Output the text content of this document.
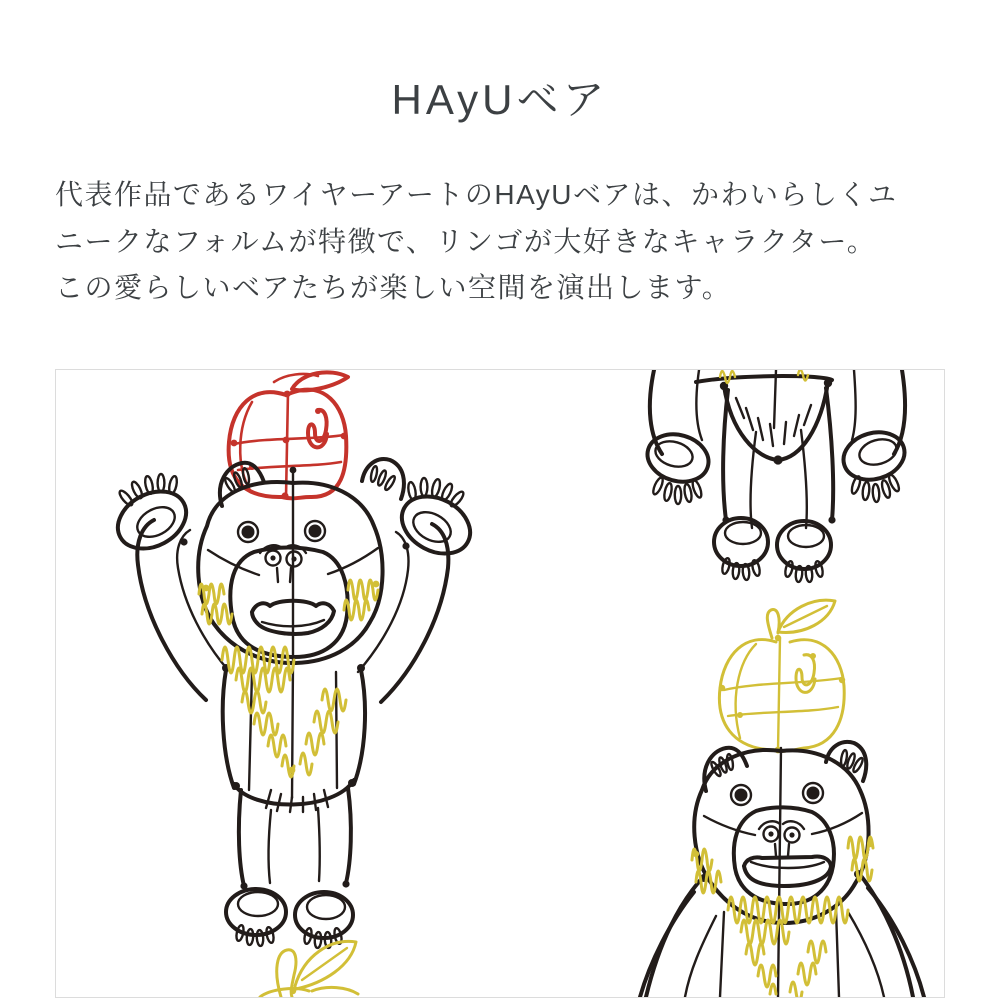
HAyUベア
代表作品であるワイヤーアートのHAyUベアは、かわいらしくユ
ニークなフォルムが特徴で、リンゴが大好きなキャラクター。
この愛らしいベアたちが楽しい空間を演出します。
